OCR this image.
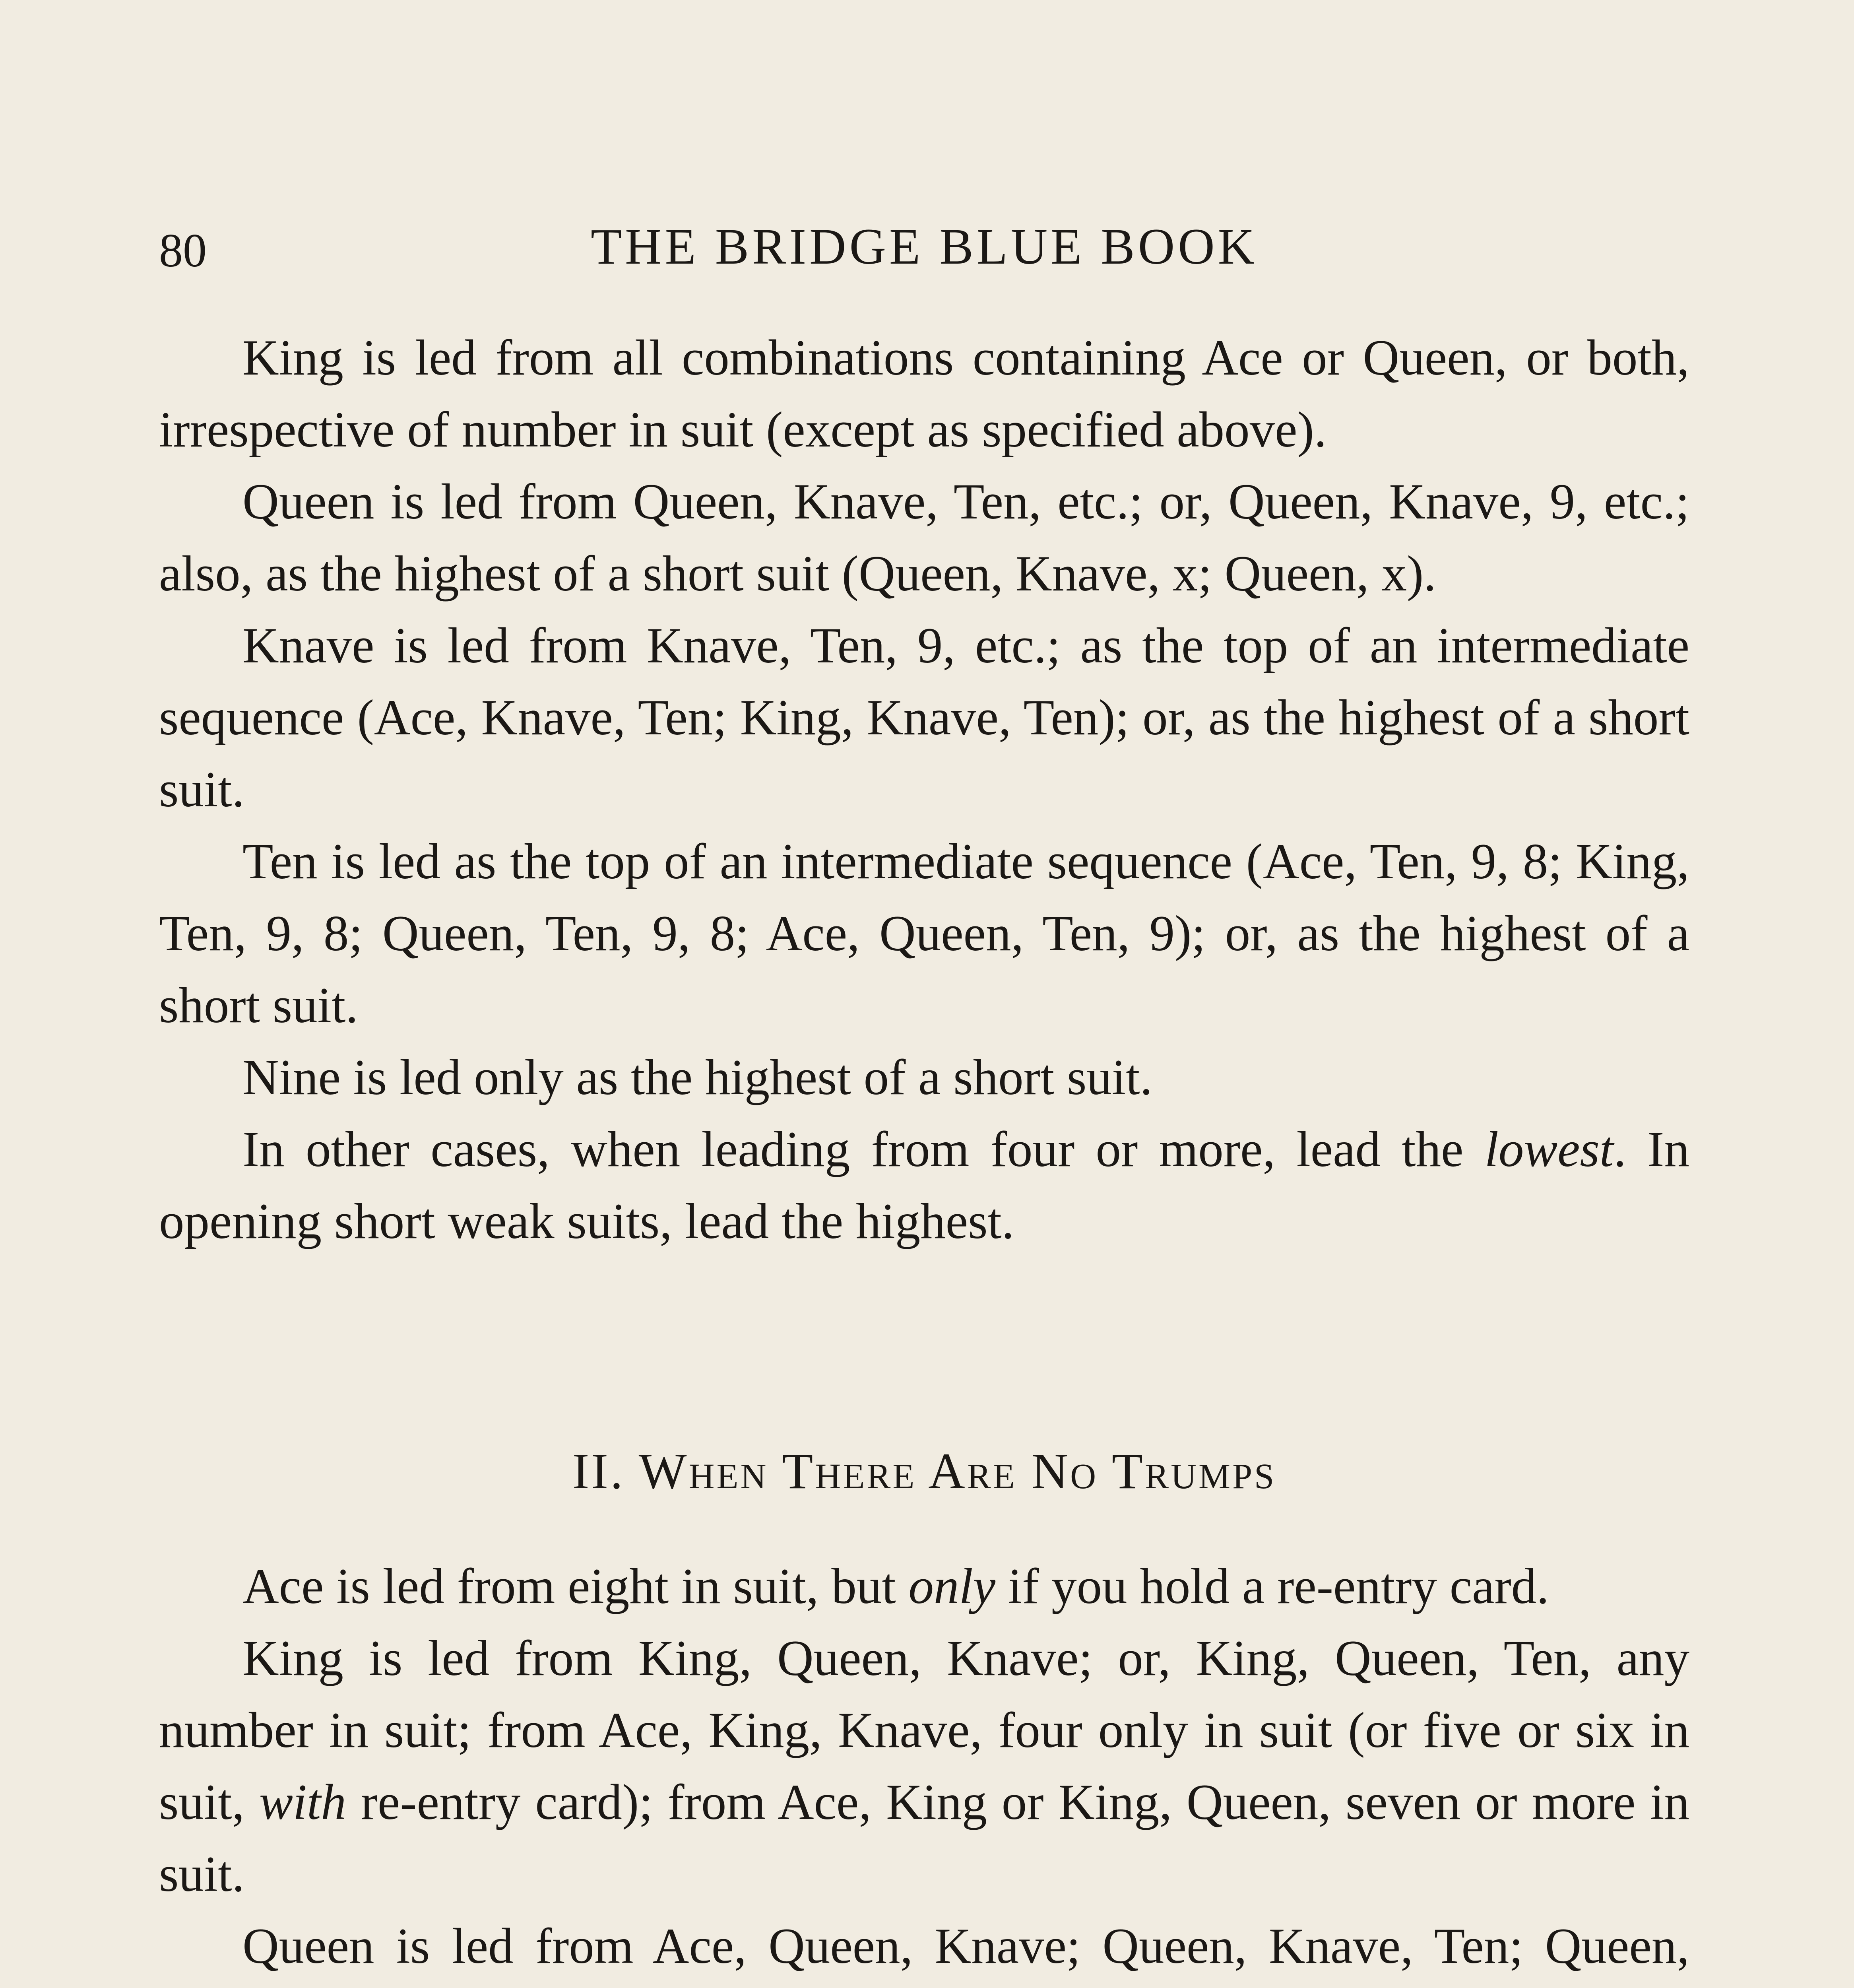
80	THE BRIDGE BLUE BOOK

King is led from all combinations containing Ace or Queen, or both, irrespective of number in suit (except as specified above).

Queen is led from Queen, Knave, Ten, etc.; or, Queen, Knave, 9, etc.; also, as the highest of a short suit (Queen, Knave, x; Queen, x).

Knave is led from Knave, Ten, 9, etc.; as the top of an intermediate sequence (Ace, Knave, Ten; King, Knave, Ten); or, as the highest of a short suit.

Ten is led as the top of an intermediate sequence (Ace, Ten, 9, 8; King, Ten, 9, 8; Queen, Ten, 9, 8; Ace, Queen, Ten, 9); or, as the highest of a short suit.

Nine is led only as the highest of a short suit.

In other cases, when leading from four or more, lead the lowest. In opening short weak suits, lead the highest.

II. When There Are No Trumps

Ace is led from eight in suit, but only if you hold a re-entry card.

King is led from King, Queen, Knave; or, King, Queen, Ten, any number in suit; from Ace, King, Knave, four only in suit (or five or six in suit, with re-entry card); from Ace, King or King, Queen, seven or more in suit.

Queen is led from Ace, Queen, Knave; Queen, Knave, Ten; Queen,
